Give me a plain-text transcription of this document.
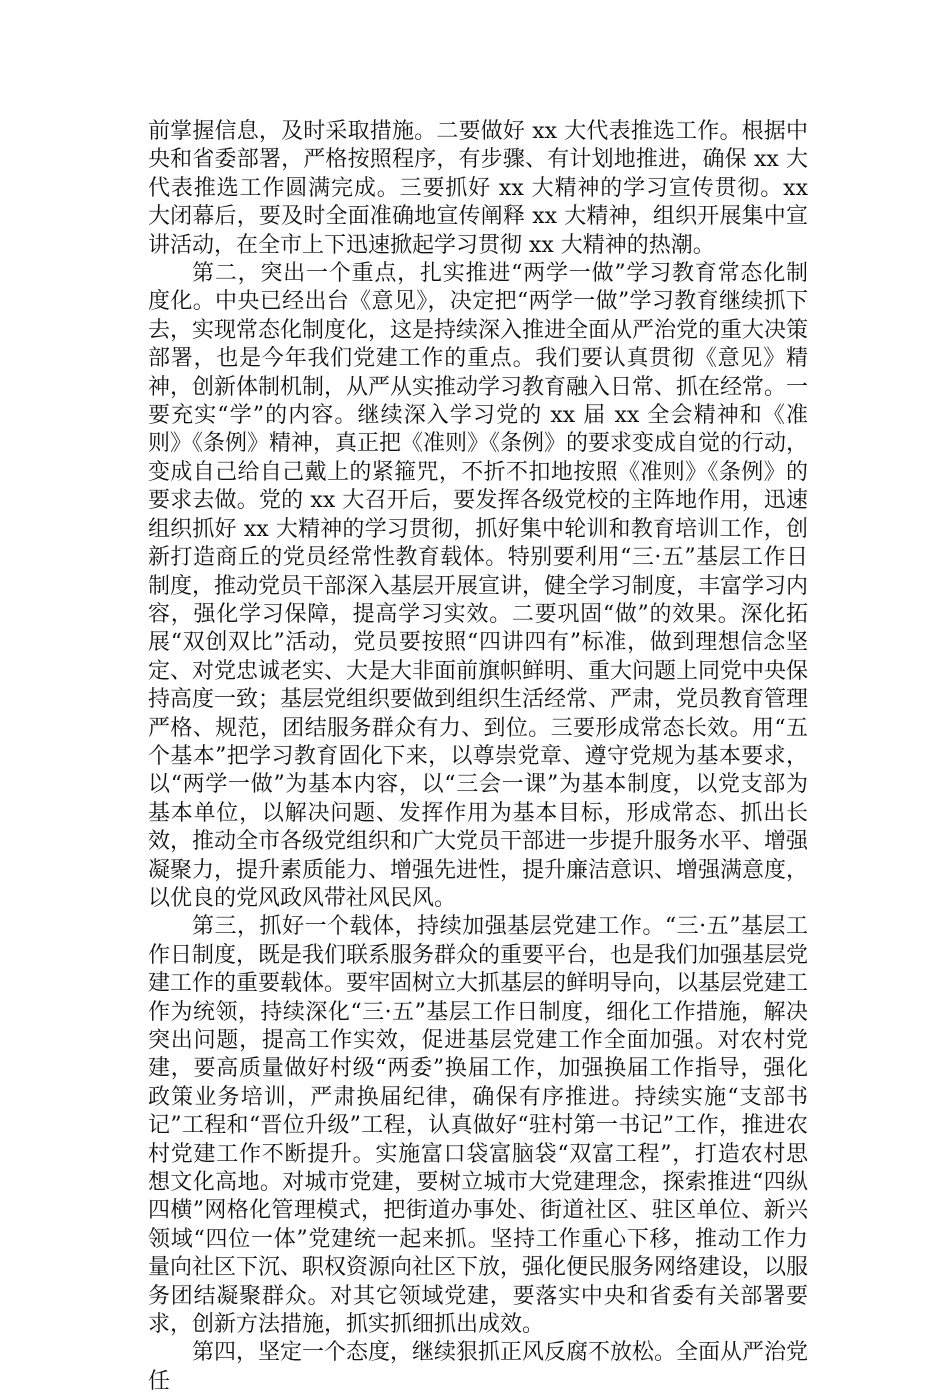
前掌握信息，及时采取措施。二要做好 xx 大代表推选工作。根据中央和省委部署，严格按照程序，有步骤、有计划地推进，确保 xx 大代表推选工作圆满完成。三要抓好 xx 大精神的学习宣传贯彻。xx 大闭幕后，要及时全面准确地宣传阐释 xx 大精神，组织开展集中宣讲活动，在全市上下迅速掀起学习贯彻 xx 大精神的热潮。

第二，突出一个重点，扎实推进“两学一做”学习教育常态化制度化。中央已经出台《意见》，决定把“两学一做”学习教育继续抓下去，实现常态化制度化，这是持续深入推进全面从严治党的重大决策部署，也是今年我们党建工作的重点。我们要认真贯彻《意见》精神，创新体制机制，从严从实推动学习教育融入日常、抓在经常。一要充实“学”的内容。继续深入学习党的 xx 届 xx 全会精神和《准则》《条例》精神，真正把《准则》《条例》的要求变成自觉的行动，变成自己给自己戴上的紧箍咒，不折不扣地按照《准则》《条例》的要求去做。党的 xx 大召开后，要发挥各级党校的主阵地作用，迅速组织抓好 xx 大精神的学习贯彻，抓好集中轮训和教育培训工作，创新打造商丘的党员经常性教育载体。特别要利用“三·五”基层工作日制度，推动党员干部深入基层开展宣讲，健全学习制度，丰富学习内容，强化学习保障，提高学习实效。二要巩固“做”的效果。深化拓展“双创双比”活动，党员要按照“四讲四有”标准，做到理想信念坚定、对党忠诚老实、大是大非面前旗帜鲜明、重大问题上同党中央保持高度一致；基层党组织要做到组织生活经常、严肃，党员教育管理严格、规范，团结服务群众有力、到位。三要形成常态长效。用“五个基本”把学习教育固化下来，以尊崇党章、遵守党规为基本要求，以“两学一做”为基本内容，以“三会一课”为基本制度，以党支部为基本单位，以解决问题、发挥作用为基本目标，形成常态、抓出长效，推动全市各级党组织和广大党员干部进一步提升服务水平、增强凝聚力，提升素质能力、增强先进性，提升廉洁意识、增强满意度，以优良的党风政风带社风民风。

第三，抓好一个载体，持续加强基层党建工作。“三·五”基层工作日制度，既是我们联系服务群众的重要平台，也是我们加强基层党建工作的重要载体。要牢固树立大抓基层的鲜明导向，以基层党建工作为统领，持续深化“三·五”基层工作日制度，细化工作措施，解决突出问题，提高工作实效，促进基层党建工作全面加强。对农村党建，要高质量做好村级“两委”换届工作，加强换届工作指导，强化政策业务培训，严肃换届纪律，确保有序推进。持续实施“支部书记”工程和“晋位升级”工程，认真做好“驻村第一书记”工作，推进农村党建工作不断提升。实施富口袋富脑袋“双富工程”，打造农村思想文化高地。对城市党建，要树立城市大党建理念，探索推进“四纵四横”网格化管理模式，把街道办事处、街道社区、驻区单位、新兴领域“四位一体”党建统一起来抓。坚持工作重心下移，推动工作力量向社区下沉、职权资源向社区下放，强化便民服务网络建设，以服务团结凝聚群众。对其它领域党建，要落实中央和省委有关部署要求，创新方法措施，抓实抓细抓出成效。

第四，坚定一个态度，继续狠抓正风反腐不放松。全面从严治党任
